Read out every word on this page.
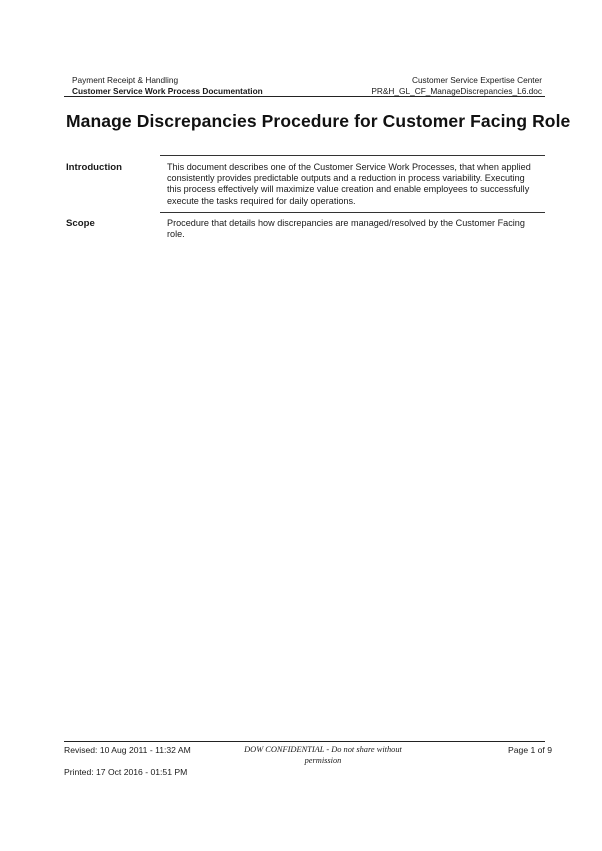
Payment Receipt & Handling
Customer Service Work Process Documentation
Customer Service Expertise Center
PR&H_GL_CF_ManageDiscrepancies_L6.doc
Manage Discrepancies Procedure for Customer Facing Role
Introduction	This document describes one of the Customer Service Work Processes, that when applied consistently provides predictable outputs and a reduction in process variability. Executing this process effectively will maximize value creation and enable employees to successfully execute the tasks required for daily operations.
Scope	Procedure that details how discrepancies are managed/resolved by the Customer Facing role.
Revised: 10 Aug 2011 - 11:32 AM	DOW CONFIDENTIAL - Do not share without permission
Page 1 of 9
Printed: 17 Oct 2016 - 01:51 PM
